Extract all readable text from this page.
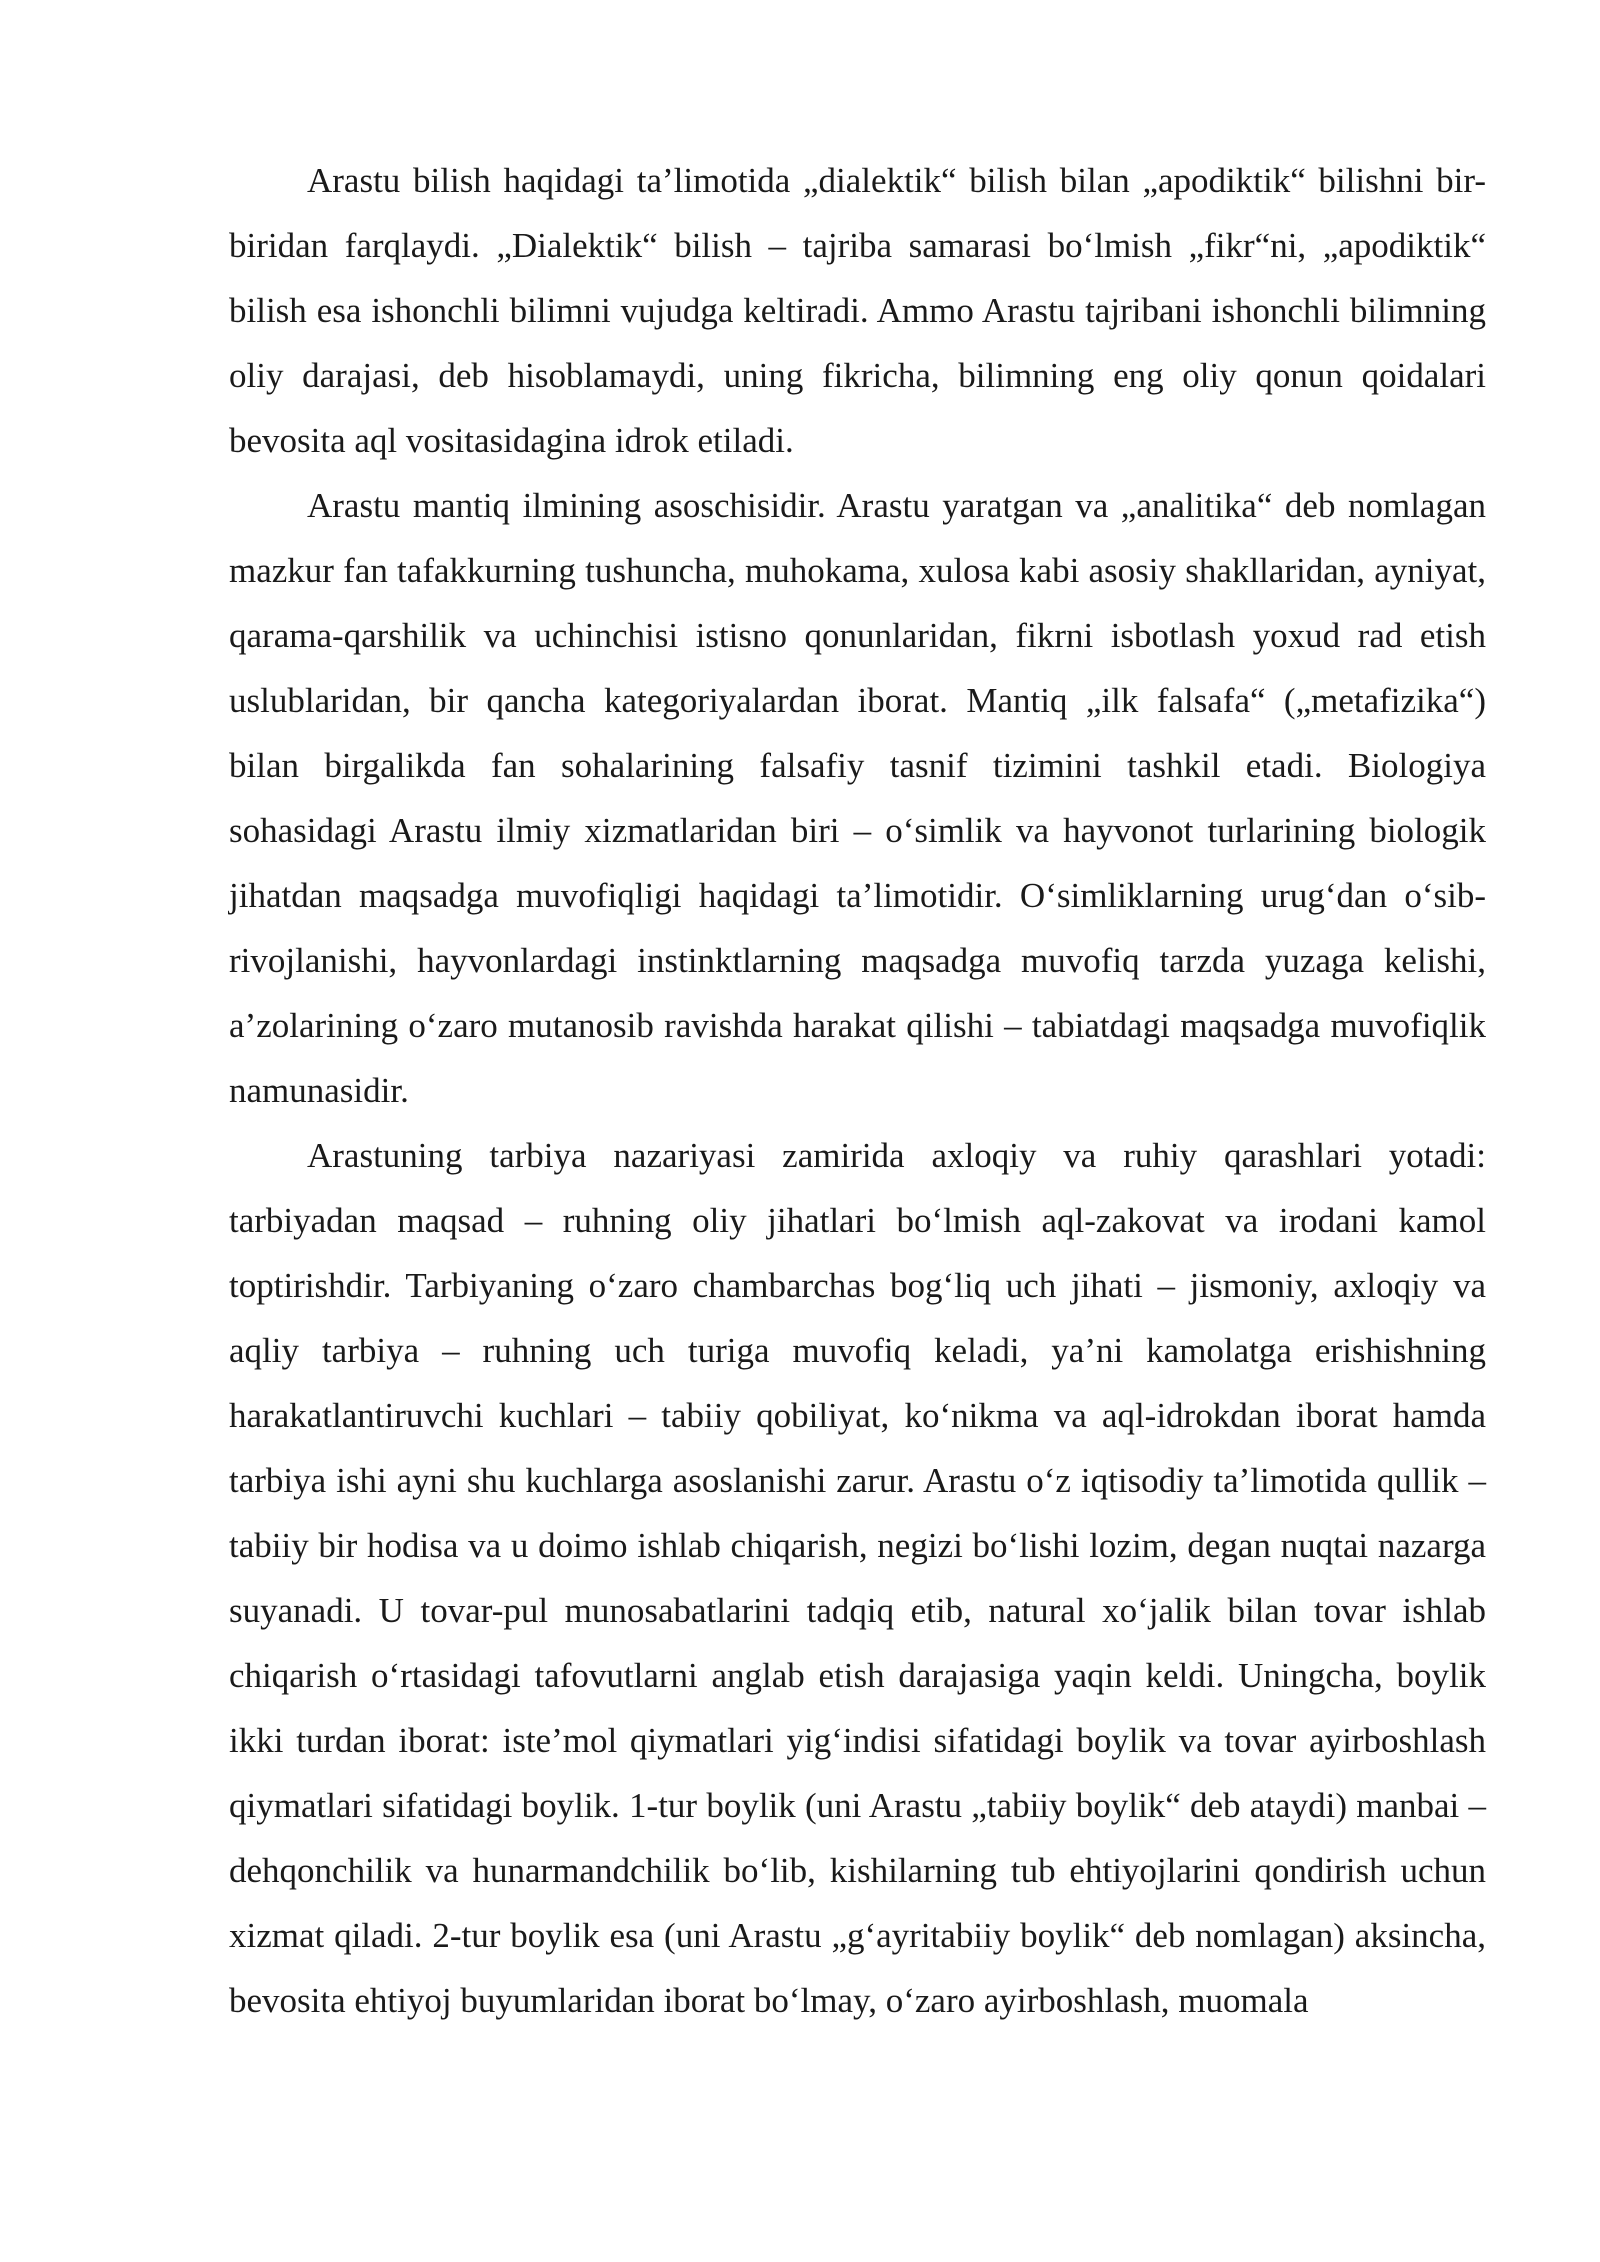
Arastu bilish haqidagi ta’limotida „dialektik“ bilish bilan „apodiktik“ bilishni bir-biridan farqlaydi. „Dialektik“ bilish – tajriba samarasi bo‘lmish „fikr“ni, „apodiktik“ bilish esa ishonchli bilimni vujudga keltiradi. Ammo Arastu tajribani ishonchli bilimning oliy darajasi, deb hisoblamaydi, uning fikricha, bilimning eng oliy qonun qoidalari bevosita aql vositasidagina idrok etiladi.

Arastu mantiq ilmining asoschisidir. Arastu yaratgan va „analitika“ deb nomlagan mazkur fan tafakkurning tushuncha, muhokama, xulosa kabi asosiy shakllaridan, ayniyat, qarama-qarshilik va uchinchisi istisno qonunlaridan, fikrni isbotlash yoxud rad etish uslublaridan, bir qancha kategoriyalardan iborat. Mantiq „ilk falsafa“ („metafizika“) bilan birgalikda fan sohalarining falsafiy tasnif tizimini tashkil etadi. Biologiya sohasidagi Arastu ilmiy xizmatlaridan biri – o‘simlik va hayvonot turlarining biologik jihatdan maqsadga muvofiqligi haqidagi ta’limotidir. O‘simliklarning urug‘dan o‘sib-rivojlanishi, hayvonlardagi instinktlarning maqsadga muvofiq tarzda yuzaga kelishi, a’zolarining o‘zaro mutanosib ravishda harakat qilishi – tabiatdagi maqsadga muvofiqlik namunasidir.

Arastuning tarbiya nazariyasi zamirida axloqiy va ruhiy qarashlari yotadi: tarbiyadan maqsad – ruhning oliy jihatlari bo‘lmish aql-zakovat va irodani kamol toptirishdir. Tarbiyaning o‘zaro chambarchas bog‘liq uch jihati – jismoniy, axloqiy va aqliy tarbiya – ruhning uch turiga muvofiq keladi, ya’ni kamolatga erishishning harakatlantiruvchi kuchlari – tabiiy qobiliyat, ko‘nikma va aql-idrokdan iborat hamda tarbiya ishi ayni shu kuchlarga asoslanishi zarur. Arastu o‘z iqtisodiy ta’limotida qullik – tabiiy bir hodisa va u doimo ishlab chiqarish, negizi bo‘lishi lozim, degan nuqtai nazarga suyanadi. U tovar-pul munosabatlarini tadqiq etib, natural xo‘jalik bilan tovar ishlab chiqarish o‘rtasidagi tafovutlarni anglab etish darajasiga yaqin keldi. Uningcha, boylik ikki turdan iborat: iste’mol qiymatlari yig‘indisi sifatidagi boylik va tovar ayirboshlash qiymatlari sifatidagi boylik. 1-tur boylik (uni Arastu „tabiiy boylik“ deb ataydi) manbai – dehqonchilik va hunarmandchilik bo‘lib, kishilarning tub ehtiyojlarini qondirish uchun xizmat qiladi. 2-tur boylik esa (uni Arastu „g‘ayritabiiy boylik“ deb nomlagan) aksincha, bevosita ehtiyoj buyumlaridan iborat bo‘lmay, o‘zaro ayirboshlash, muomala
